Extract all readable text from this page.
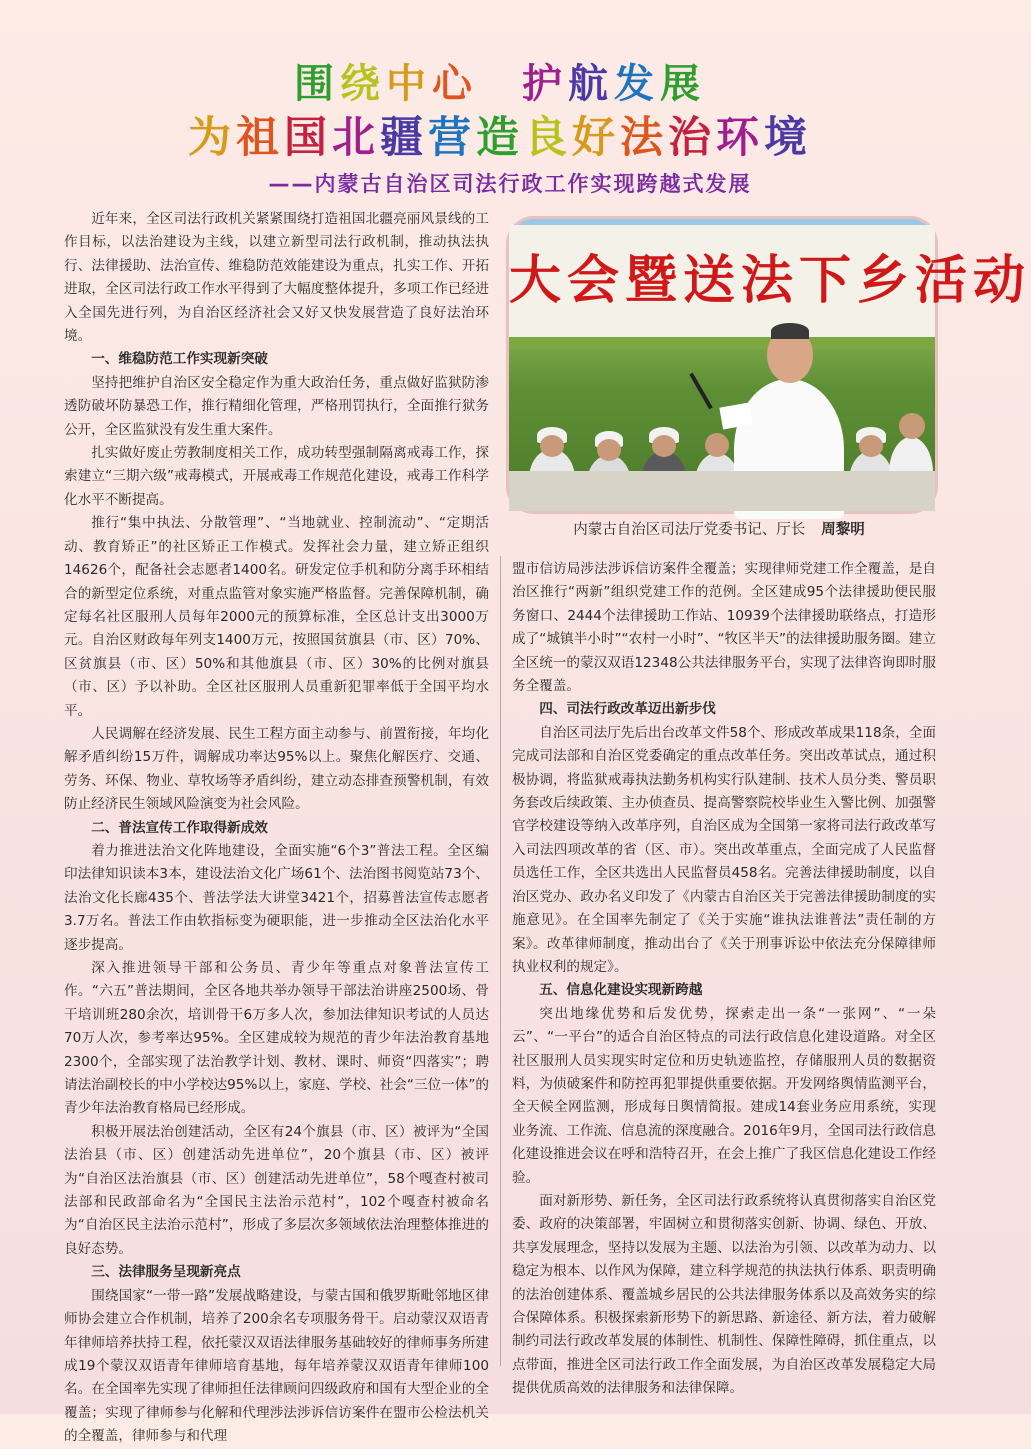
围绕中心 护航发展
为祖国北疆营造良好法治环境
——内蒙古自治区司法行政工作实现跨越式发展
大会暨送法下乡活动
内蒙古自治区司法厅党委书记、厅长 周黎明

近年来，全区司法行政机关紧紧围绕打造祖国北疆亮丽风景线的工作目标，以法治建设为主线，以建立新型司法行政机制，推动执法执行、法律援助、法治宣传、维稳防范效能建设为重点，扎实工作、开拓进取，全区司法行政工作水平得到了大幅度整体提升，多项工作已经进入全国先进行列，为自治区经济社会又好又快发展营造了良好法治环境。

一、维稳防范工作实现新突破

坚持把维护自治区安全稳定作为重大政治任务，重点做好监狱防渗透防破坏防暴恐工作，推行精细化管理，严格刑罚执行，全面推行狱务公开，全区监狱没有发生重大案件。

扎实做好废止劳教制度相关工作，成功转型强制隔离戒毒工作，探索建立“三期六级”戒毒模式，开展戒毒工作规范化建设，戒毒工作科学化水平不断提高。

推行“集中执法、分散管理”、“当地就业、控制流动”、“定期活动、教育矫正”的社区矫正工作模式。发挥社会力量，建立矫正组织14626个，配备社会志愿者1400名。研发定位手机和防分离手环相结合的新型定位系统，对重点监管对象实施严格监督。完善保障机制，确定每名社区服刑人员每年2000元的预算标准，全区总计支出3000万元。自治区财政每年列支1400万元，按照国贫旗县（市、区）70%、区贫旗县（市、区）50%和其他旗县（市、区）30%的比例对旗县（市、区）予以补助。全区社区服刑人员重新犯罪率低于全国平均水平。

人民调解在经济发展、民生工程方面主动参与、前置衔接，年均化解矛盾纠纷15万件，调解成功率达95%以上。聚焦化解医疗、交通、劳务、环保、物业、草牧场等矛盾纠纷，建立动态排查预警机制，有效防止经济民生领域风险演变为社会风险。

二、普法宣传工作取得新成效

着力推进法治文化阵地建设，全面实施“6个3”普法工程。全区编印法律知识读本3本，建设法治文化广场61个、法治图书阅览站73个、法治文化长廊435个、普法学法大讲堂3421个，招募普法宣传志愿者3.7万名。普法工作由软指标变为硬职能，进一步推动全区法治化水平逐步提高。

深入推进领导干部和公务员、青少年等重点对象普法宣传工作。“六五”普法期间，全区各地共举办领导干部法治讲座2500场、骨干培训班280余次，培训骨干6万多人次，参加法律知识考试的人员达70万人次，参考率达95%。全区建成较为规范的青少年法治教育基地2300个，全部实现了法治教学计划、教材、课时、师资“四落实”；聘请法治副校长的中小学校达95%以上，家庭、学校、社会“三位一体”的青少年法治教育格局已经形成。

积极开展法治创建活动，全区有24个旗县（市、区）被评为“全国法治县（市、区）创建活动先进单位”，20个旗县（市、区）被评为“自治区法治旗县（市、区）创建活动先进单位”，58个嘎查村被司法部和民政部命名为“全国民主法治示范村”，102个嘎查村被命名为“自治区民主法治示范村”，形成了多层次多领域依法治理整体推进的良好态势。

三、法律服务呈现新亮点

围绕国家“一带一路”发展战略建设，与蒙古国和俄罗斯毗邻地区律师协会建立合作机制，培养了200余名专项服务骨干。启动蒙汉双语青年律师培养扶持工程，依托蒙汉双语法律服务基础较好的律师事务所建成19个蒙汉双语青年律师培育基地，每年培养蒙汉双语青年律师100名。在全国率先实现了律师担任法律顾问四级政府和国有大型企业的全覆盖；实现了律师参与化解和代理涉法涉诉信访案件在盟市公检法机关的全覆盖，律师参与和代理

盟市信访局涉法涉诉信访案件全覆盖；实现律师党建工作全覆盖，是自治区推行“两新”组织党建工作的范例。全区建成95个法律援助便民服务窗口、2444个法律援助工作站、10939个法律援助联络点，打造形成了“城镇半小时”“农村一小时”、“牧区半天”的法律援助服务圈。建立全区统一的蒙汉双语12348公共法律服务平台，实现了法律咨询即时服务全覆盖。

四、司法行政改革迈出新步伐

自治区司法厅先后出台改革文件58个、形成改革成果118条，全面完成司法部和自治区党委确定的重点改革任务。突出改革试点，通过积极协调，将监狱戒毒执法勤务机构实行队建制、技术人员分类、警员职务套改后续政策、主办侦查员、提高警察院校毕业生入警比例、加强警官学校建设等纳入改革序列，自治区成为全国第一家将司法行政改革写入司法四项改革的省（区、市）。突出改革重点，全面完成了人民监督员选任工作，全区共选出人民监督员458名。完善法律援助制度，以自治区党办、政办名义印发了《内蒙古自治区关于完善法律援助制度的实施意见》。在全国率先制定了《关于实施“谁执法谁普法”责任制的方案》。改革律师制度，推动出台了《关于刑事诉讼中依法充分保障律师执业权利的规定》。

五、信息化建设实现新跨越

突出地缘优势和后发优势，探索走出一条“一张网”、“一朵云”、“一平台”的适合自治区特点的司法行政信息化建设道路。对全区社区服刑人员实现实时定位和历史轨迹监控，存储服刑人员的数据资料，为侦破案件和防控再犯罪提供重要依据。开发网络舆情监测平台，全天候全网监测，形成每日舆情简报。建成14套业务应用系统，实现业务流、工作流、信息流的深度融合。2016年9月，全国司法行政信息化建设推进会议在呼和浩特召开，在会上推广了我区信息化建设工作经验。

面对新形势、新任务，全区司法行政系统将认真贯彻落实自治区党委、政府的决策部署，牢固树立和贯彻落实创新、协调、绿色、开放、共享发展理念，坚持以发展为主题、以法治为引领、以改革为动力、以稳定为根本、以作风为保障，建立科学规范的执法执行体系、职责明确的法治创建体系、覆盖城乡居民的公共法律服务体系以及高效务实的综合保障体系。积极探索新形势下的新思路、新途径、新方法，着力破解制约司法行政改革发展的体制性、机制性、保障性障碍，抓住重点，以点带面，推进全区司法行政工作全面发展，为自治区改革发展稳定大局提供优质高效的法律服务和法律保障。
